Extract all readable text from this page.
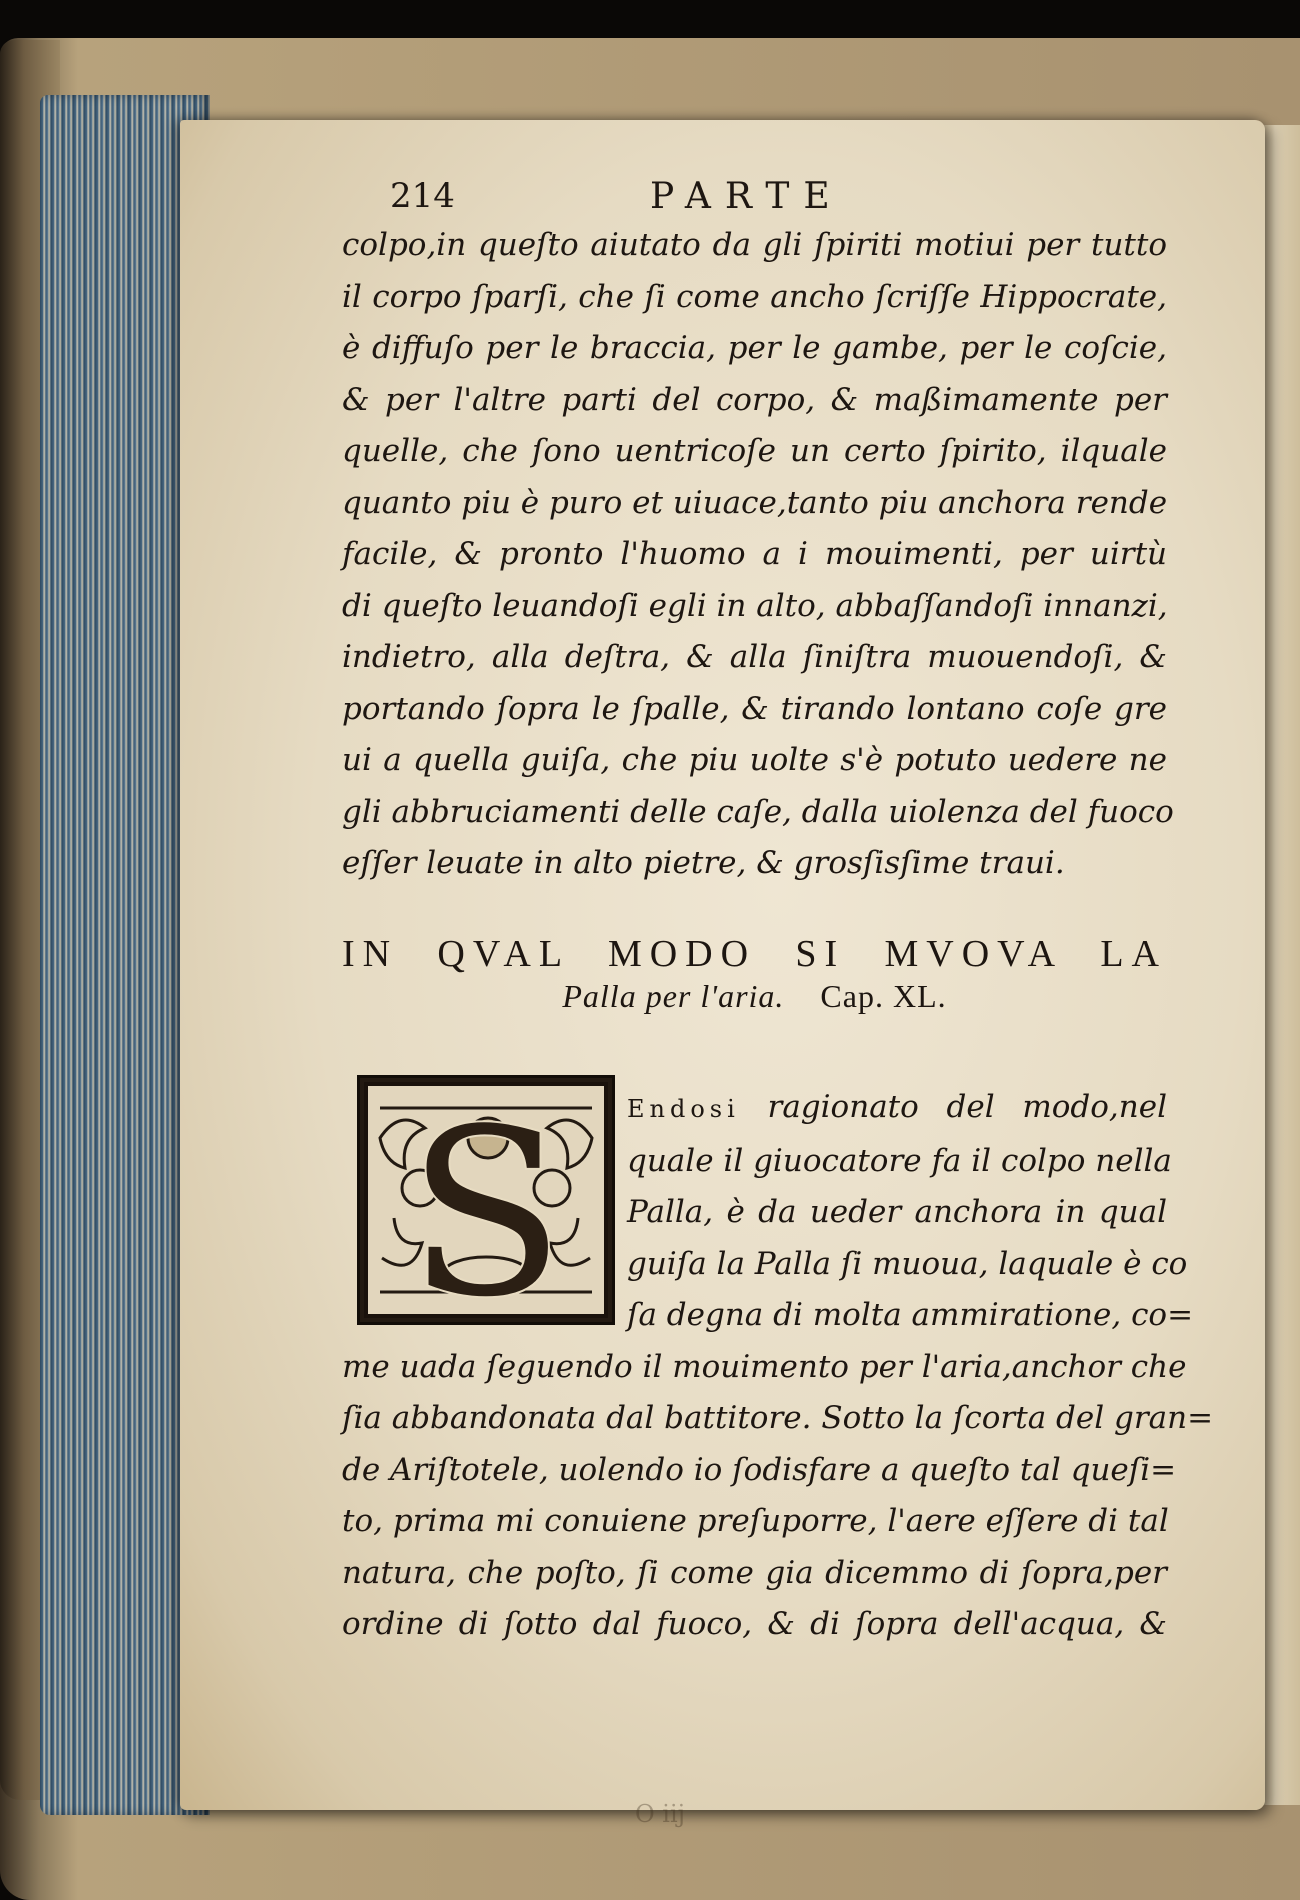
214	PARTE
colpo,in queſto aiutato da gli ſpiriti motiui per tutto
il corpo ſparſi, che ſi come ancho ſcriſſe Hippocrate,
è diffuſo per le braccia, per le gambe, per le coſcie,
& per l'altre parti del corpo, & maßimamente per
quelle, che ſono uentricoſe un certo ſpirito, ilquale
quanto piu è puro et uiuace,tanto piu anchora rende
facile, & pronto l'huomo a i mouimenti, per uirtù
di queſto leuandoſi egli in alto, abbaſſandoſi innanzi,
indietro, alla deſtra, & alla ſiniſtra muouendoſi, &
portando ſopra le ſpalle, & tirando lontano coſe gre
ui a quella guiſa, che piu uolte s'è potuto uedere ne
gli abbruciamenti delle caſe, dalla uiolenza del fuoco
eſſer leuate in alto pietre, & grosſisſime traui.
IN QVAL MODO SI MVOVA LA
Palla per l'aria. Cap. XL.
S	Endosi ragionato del modo,nel
quale il giuocatore fa il colpo nella
Palla, è da ueder anchora in qual
guiſa la Palla ſi muoua, laquale è co
ſa degna di molta ammiratione, co=
me uada ſeguendo il mouimento per l'aria,anchor che
ſia abbandonata dal battitore. Sotto la ſcorta del gran=
de Ariſtotele, uolendo io ſodisfare a queſto tal queſi=
to, prima mi conuiene preſuporre, l'aere eſſere di tal
natura, che poſto, ſi come gia dicemmo di ſopra,per
ordine di ſotto dal fuoco, & di ſopra dell'acqua, &
O iij
